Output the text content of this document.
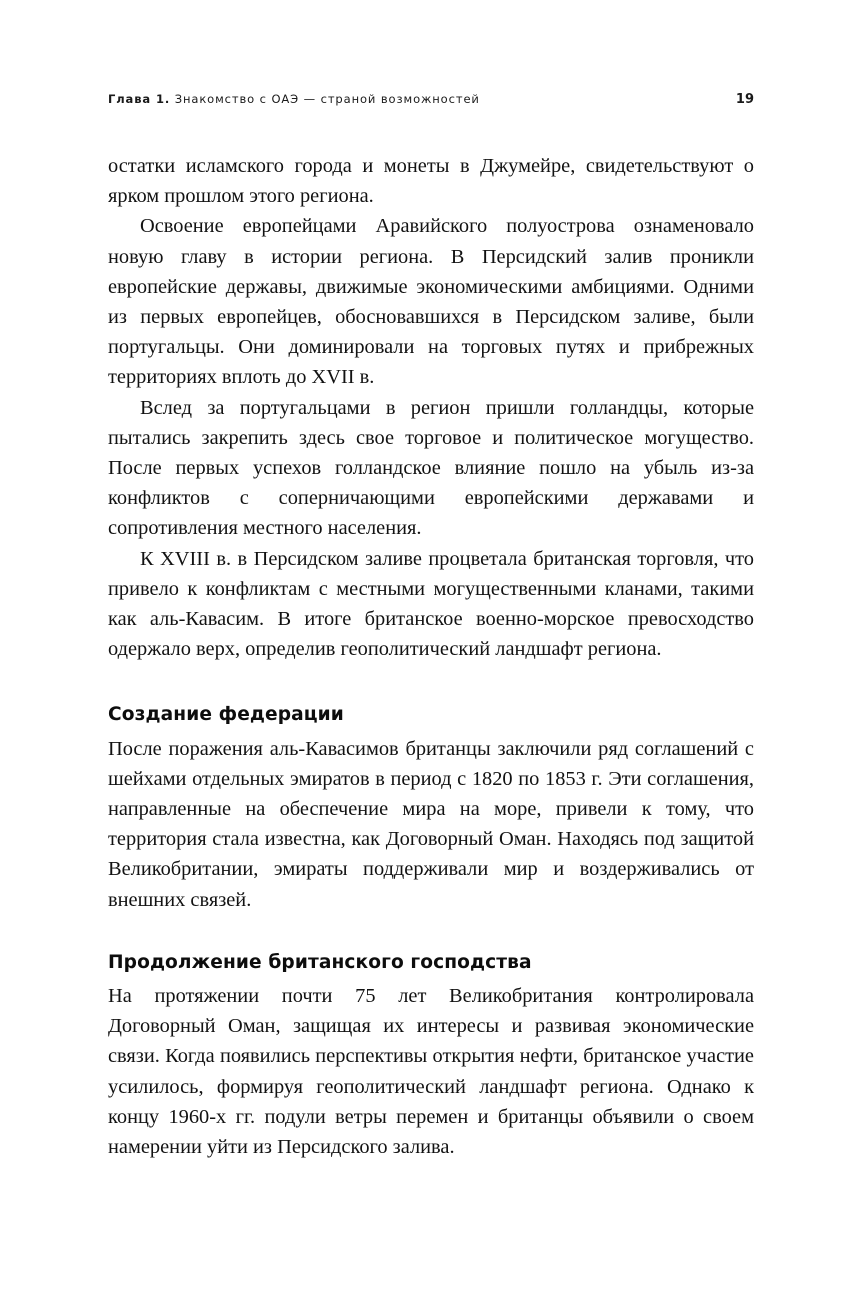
Глава 1. Знакомство с ОАЭ — страной возможностей	19

остатки исламского города и монеты в Джумейре, свидетельствуют о ярком прошлом этого региона.

Освоение европейцами Аравийского полуострова ознаменовало новую главу в истории региона. В Персидский залив проникли европейские державы, движимые экономическими амбициями. Одними из первых европейцев, обосновавшихся в Персидском заливе, были португальцы. Они доминировали на торговых путях и прибрежных территориях вплоть до XVII в.

Вслед за португальцами в регион пришли голландцы, которые пытались закрепить здесь свое торговое и политическое могущество. После первых успехов голландское влияние пошло на убыль из-за конфликтов с соперничающими европейскими державами и сопротивления местного населения.

К XVIII в. в Персидском заливе процветала британская торговля, что привело к конфликтам с местными могущественными кланами, такими как аль-Кавасим. В итоге британское военно-морское превосходство одержало верх, определив геополитический ландшафт региона.

Создание федерации

После поражения аль-Кавасимов британцы заключили ряд соглашений с шейхами отдельных эмиратов в период с 1820 по 1853 г. Эти соглашения, направленные на обеспечение мира на море, привели к тому, что территория стала известна, как Договорный Оман. Находясь под защитой Великобритании, эмираты поддерживали мир и воздерживались от внешних связей.

Продолжение британского господства

На протяжении почти 75 лет Великобритания контролировала Договорный Оман, защищая их интересы и развивая экономические связи. Когда появились перспективы открытия нефти, британское участие усилилось, формируя геополитический ландшафт региона. Однако к концу 1960-х гг. подули ветры перемен и британцы объявили о своем намерении уйти из Персидского залива.
